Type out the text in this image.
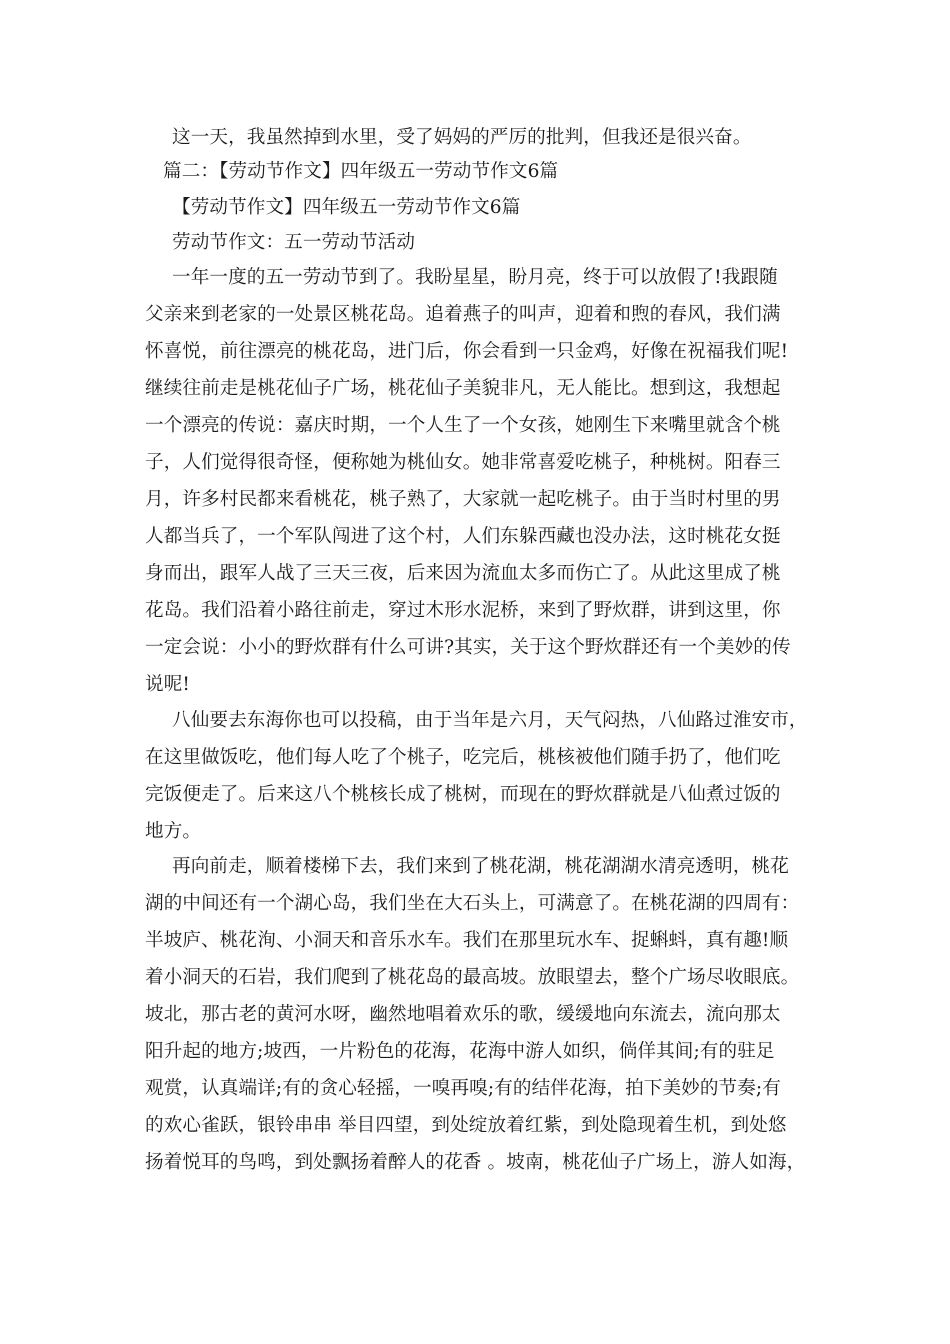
这一天，我虽然掉到水里，受了妈妈的严厉的批判，但我还是很兴奋。
篇二：【劳动节作文】四年级五一劳动节作文6篇
【劳动节作文】四年级五一劳动节作文6篇
劳动节作文：五一劳动节活动
一年一度的五一劳动节到了。我盼星星，盼月亮，终于可以放假了!我跟随
父亲来到老家的一处景区桃花岛。追着燕子的叫声，迎着和煦的春风，我们满
怀喜悦，前往漂亮的桃花岛，进门后，你会看到一只金鸡，好像在祝福我们呢!
继续往前走是桃花仙子广场，桃花仙子美貌非凡，无人能比。想到这，我想起
一个漂亮的传说：嘉庆时期，一个人生了一个女孩，她刚生下来嘴里就含个桃
子，人们觉得很奇怪，便称她为桃仙女。她非常喜爱吃桃子，种桃树。阳春三
月，许多村民都来看桃花，桃子熟了，大家就一起吃桃子。由于当时村里的男
人都当兵了，一个军队闯进了这个村，人们东躲西藏也没办法，这时桃花女挺
身而出，跟军人战了三天三夜，后来因为流血太多而伤亡了。从此这里成了桃
花岛。我们沿着小路往前走，穿过木形水泥桥，来到了野炊群，讲到这里，你
一定会说：小小的野炊群有什么可讲?其实，关于这个野炊群还有一个美妙的传
说呢!
八仙要去东海你也可以投稿，由于当年是六月，天气闷热，八仙路过淮安市，
在这里做饭吃，他们每人吃了个桃子，吃完后，桃核被他们随手扔了，他们吃
完饭便走了。后来这八个桃核长成了桃树，而现在的野炊群就是八仙煮过饭的
地方。
再向前走，顺着楼梯下去，我们来到了桃花湖，桃花湖湖水清亮透明，桃花
湖的中间还有一个湖心岛，我们坐在大石头上，可满意了。在桃花湖的四周有：
半坡庐、桃花洵、小洞天和音乐水车。我们在那里玩水车、捉蝌蚪，真有趣!顺
着小洞天的石岩，我们爬到了桃花岛的最高坡。放眼望去，整个广场尽收眼底。
坡北，那古老的黄河水呀，幽然地唱着欢乐的歌，缓缓地向东流去，流向那太
阳升起的地方;坡西，一片粉色的花海，花海中游人如织，倘佯其间;有的驻足
观赏，认真端详;有的贪心轻摇，一嗅再嗅;有的结伴花海，拍下美妙的节奏;有
的欢心雀跃，银铃串串 举目四望，到处绽放着红紫，到处隐现着生机，到处悠
扬着悦耳的鸟鸣，到处飘扬着醉人的花香 。坡南，桃花仙子广场上，游人如海，
